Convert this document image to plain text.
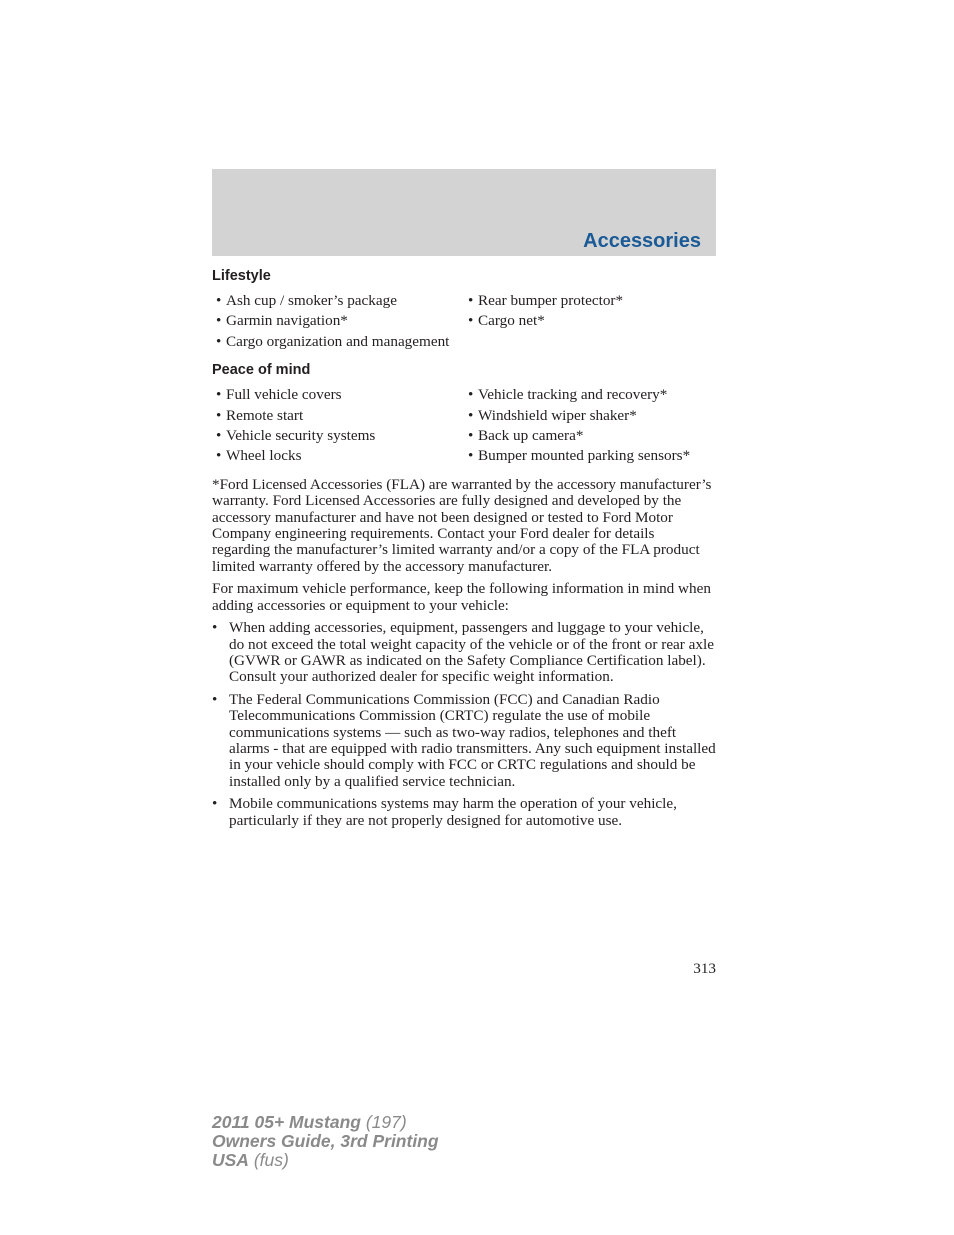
Accessories
Lifestyle
• Ash cup / smoker’s package	• Rear bumper protector*
• Garmin navigation*	• Cargo net*
• Cargo organization and management
Peace of mind
• Full vehicle covers	• Vehicle tracking and recovery*
• Remote start	• Windshield wiper shaker*
• Vehicle security systems	• Back up camera*
• Wheel locks	• Bumper mounted parking sensors*

*Ford Licensed Accessories (FLA) are warranted by the accessory manufacturer’s warranty. Ford Licensed Accessories are fully designed and developed by the accessory manufacturer and have not been designed or tested to Ford Motor Company engineering requirements. Contact your Ford dealer for details regarding the manufacturer’s limited warranty and/or a copy of the FLA product limited warranty offered by the accessory manufacturer.

For maximum vehicle performance, keep the following information in mind when adding accessories or equipment to your vehicle:

• When adding accessories, equipment, passengers and luggage to your vehicle, do not exceed the total weight capacity of the vehicle or of the front or rear axle (GVWR or GAWR as indicated on the Safety Compliance Certification label). Consult your authorized dealer for specific weight information.
• The Federal Communications Commission (FCC) and Canadian Radio Telecommunications Commission (CRTC) regulate the use of mobile communications systems — such as two-way radios, telephones and theft alarms - that are equipped with radio transmitters. Any such equipment installed in your vehicle should comply with FCC or CRTC regulations and should be installed only by a qualified service technician.
• Mobile communications systems may harm the operation of your vehicle, particularly if they are not properly designed for automotive use.
313
2011 05+ Mustang (197)
Owners Guide, 3rd Printing
USA (fus)
